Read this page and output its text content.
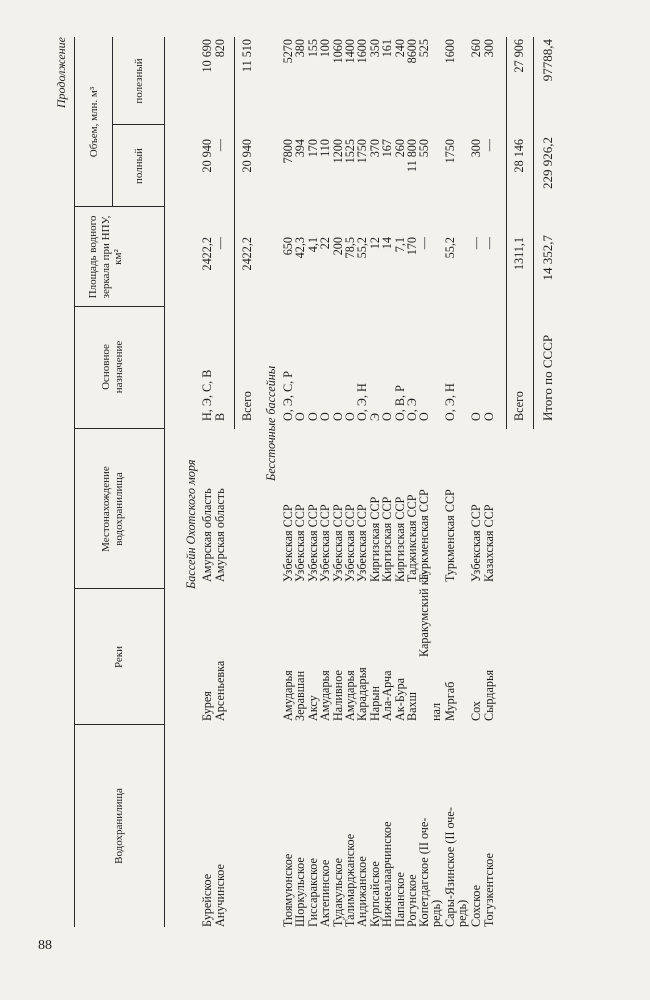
88
Продолжение
Водохранилища
Реки
Местонахождение водохранилища
Основное назначение
Площадь водного зеркала при НПУ, км²
Объем, млн. м³
полный
полезный
Бассейн Охотского моря
Бурейское
Бурея
Амурская область
Н, Э, С, В
2422,2
20 940
10 690
Анучинское
Арсеньевка
Амурская область
В
—
—
820
Всего
2422,2
20 940
11 510
Бессточные бассейны
Тюямуюнское
Амударья
Узбекская ССР
О, Э, С, Р
650
7800
5270
Шоркульское
Зеравшан
Узбекская ССР
О
42,3
394
380
Гиссаракское
Аксу
Узбекская ССР
О
4,1
170
155
Актепинское
Амударья
Узбекская ССР
О
22
110
100
Тудакульское
Наливное
Узбекская ССР
О
200
1200
1060
Талимарджанское
Амударья
Узбекская ССР
О
78,5
1525
1400
Андижанское
Карадарья
Узбекская ССР
О, Э, Н
55,2
1750
1600
Курпсайское
Нарын
Киргизская ССР
Э
12
370
350
Нижнеалаарчинское
Ала-Арча
Киргизская ССР
О
14
167
161
Папанское
Ак-Бура
Киргизская ССР
О, В, Р
7,1
260
240
Рогунское
Вахш
Таджикская ССР
О, Э
170
11 800
8600
Копетдагское (II оче-
редь)
Каракумский ка-
нал
Туркменская ССР
О
—
550
525
Сары-Язинское (II оче-
редь)
Мургаб
Туркменская ССР
О, Э, Н
55,2
1750
1600
Сохское
Сох
Узбекская ССР
О
—
300
260
Тогузкентское
Сырдарья
Казахская ССР
О
—
—
300
Всего
1311,1
28 146
27 906
Итого по СССР
14 352,7
229 926,2
97788,4
